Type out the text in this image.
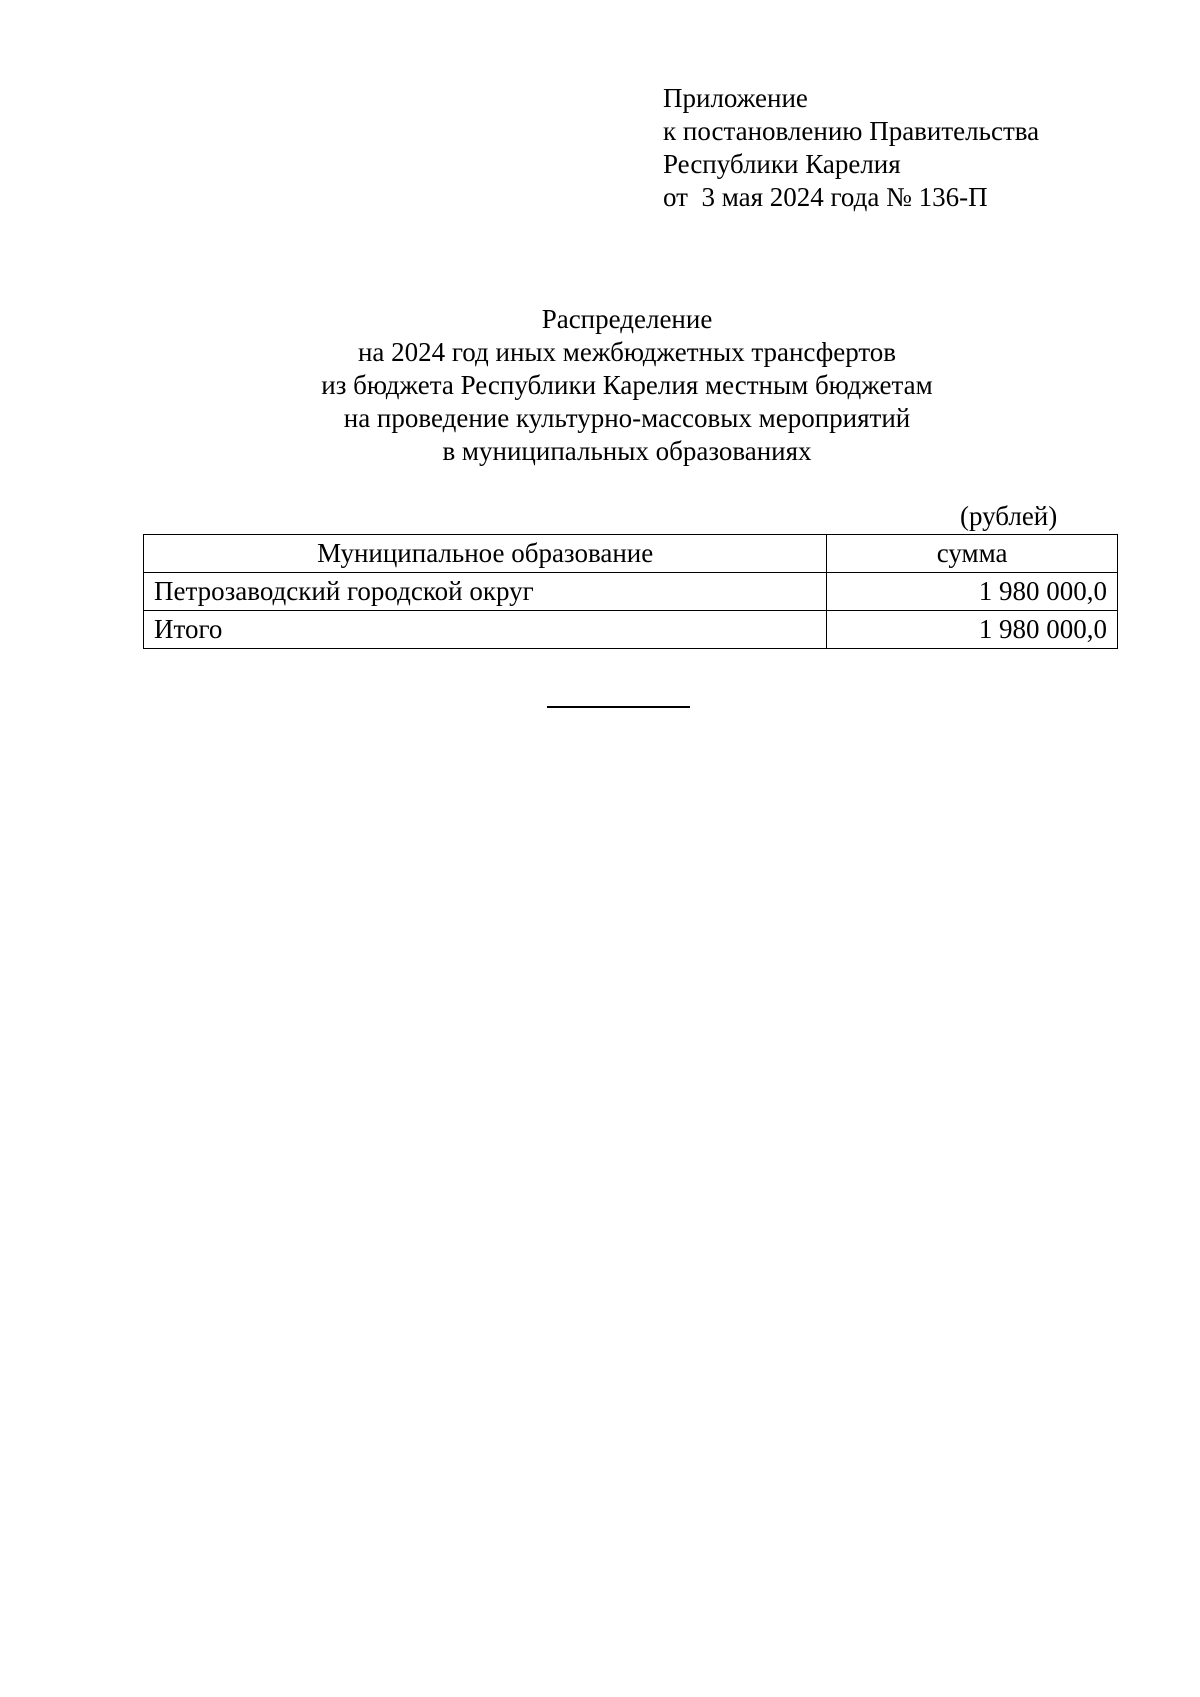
Приложение
к постановлению Правительства
Республики Карелия
от  3 мая 2024 года № 136-П
Распределение
на 2024 год иных межбюджетных трансфертов
из бюджета Республики Карелия местным бюджетам
на проведение культурно-массовых мероприятий
в муниципальных образованиях
(рублей)
Муниципальное образование	сумма
Петрозаводский городской округ	1 980 000,0
Итого	1 980 000,0
